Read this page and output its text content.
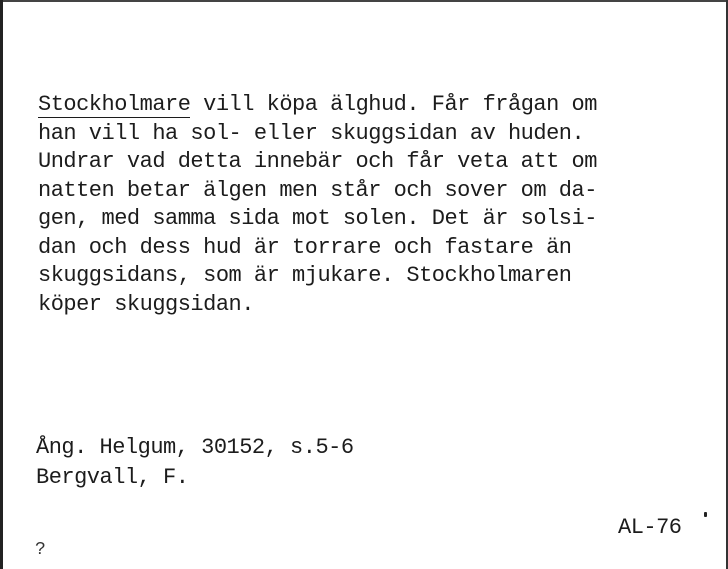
Stockholmare vill köpa älghud. Får frågan om
han vill ha sol- eller skuggsidan av huden.
Undrar vad detta innebär och får veta att om
natten betar älgen men står och sover om da-
gen, med samma sida mot solen. Det är solsi-
dan och dess hud är torrare och fastare än
skuggsidans, som är mjukare. Stockholmaren
köper skuggsidan.
Ång. Helgum, 30152, s.5-6
Bergvall, F.
AL-76
?
